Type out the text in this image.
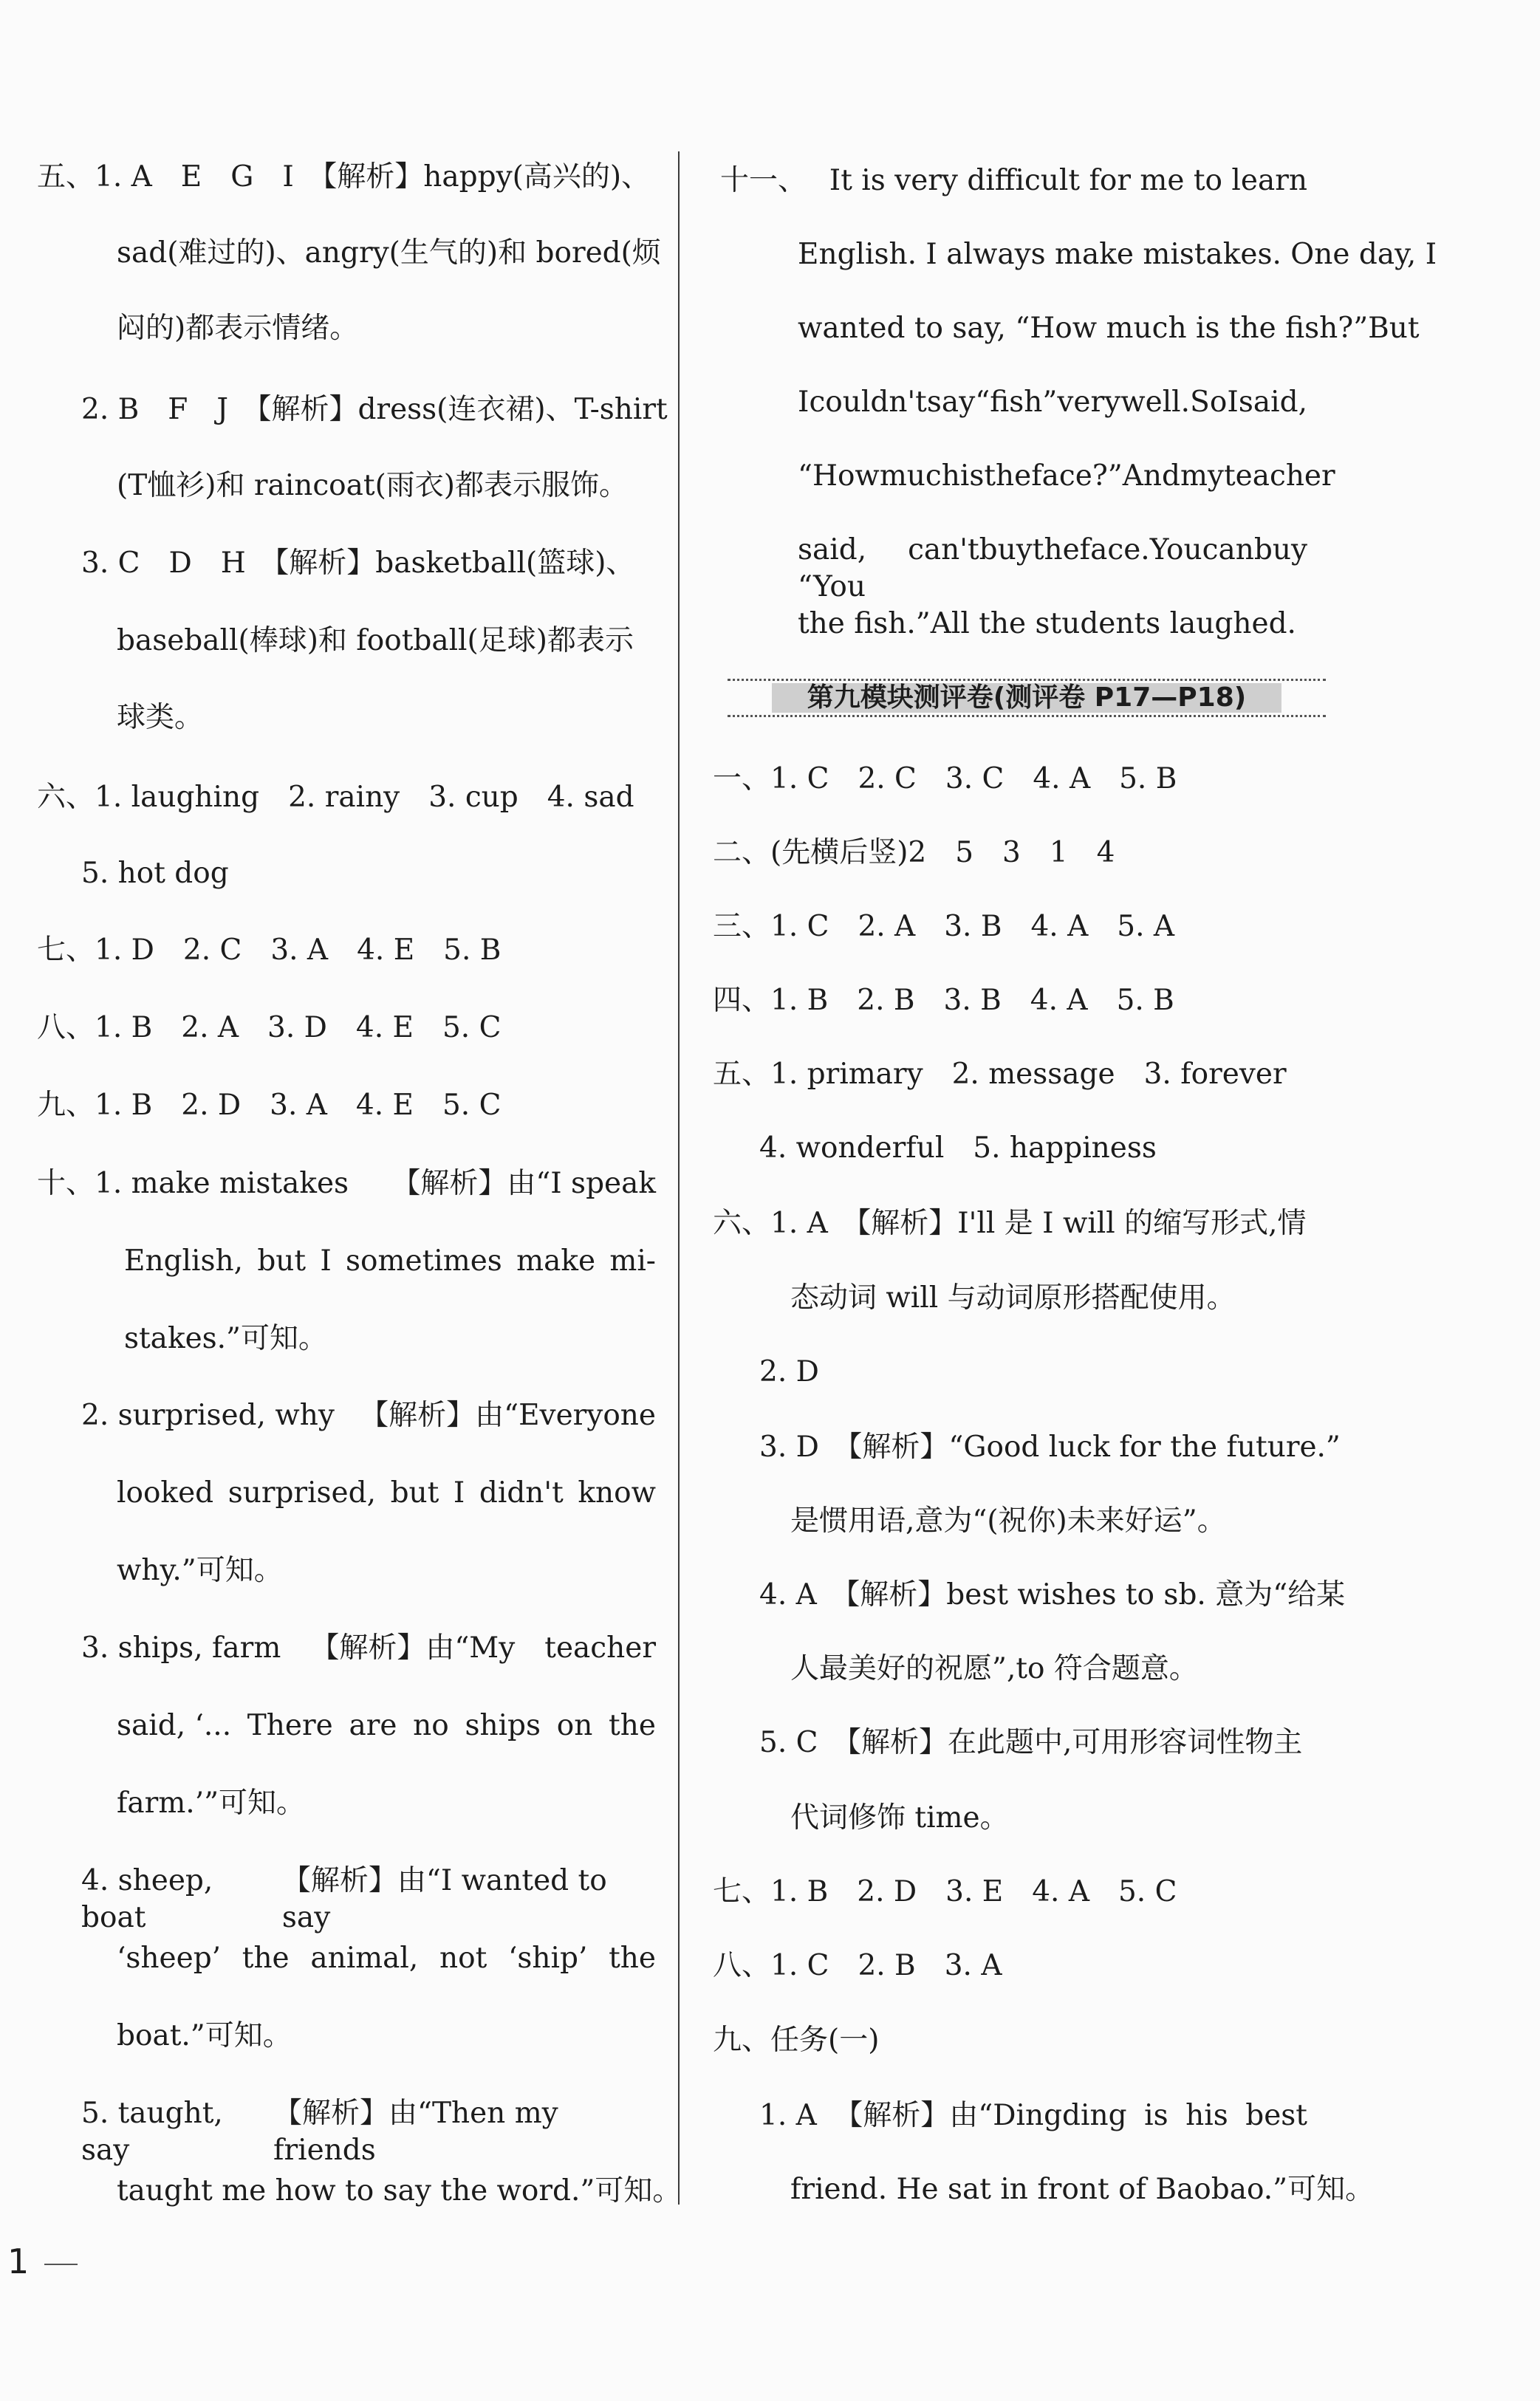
五、1. A　E　G　I　【解析】happy(高兴的)、
sad(难过的)、angry(生气的)和 bored(烦
闷的)都表示情绪。
2. B　F　J　【解析】dress(连衣裙)、T-shirt
(T恤衫)和 raincoat(雨衣)都表示服饰。
3. C　D　H　【解析】basketball(篮球)、
baseball(棒球)和 football(足球)都表示
球类。
六、1. laughing　2. rainy　3. cup　4. sad
5. hot dog
七、1. D　2. C　3. A　4. E　5. B
八、1. B　2. A　3. D　4. E　5. C
九、1. B　2. D　3. A　4. E　5. C
十、1. make mistakes 【解析】由“I speak
English, but I sometimes make mi-
stakes.”可知。
2. surprised, why 【解析】由“Everyone
looked surprised, but I didn't know
why.”可知。
3. ships, farm 【解析】由“My teacher
said, ‘... There are no ships on the
farm.’”可知。
4. sheep, boat
【解析】由“I wanted to say
‘sheep’ the animal, not ‘ship’ the
boat.”可知。
5. taught, say
【解析】由“Then my friends
taught me how to say the word.”可知。
十一、 It is very difficult for me to learn
English. I always make mistakes. One day, I
wanted to say, “How much is the fish?”But
I couldn't say “fish” very well. So I said,
“How much is the face?”And my teacher
said, “You
can't buy the face. You can buy
the fish.”All the students laughed.
一、1. C　2. C　3. C　4. A　5. B
二、(先横后竖)2　5　3　1　4
三、1. C　2. A　3. B　4. A　5. A
四、1. B　2. B　3. B　4. A　5. B
五、1. primary　2. message　3. forever
4. wonderful　5. happiness
六、1. A　【解析】I'll 是 I will 的缩写形式,情
态动词 will 与动词原形搭配使用。
2. D
3. D　【解析】“Good luck for the future.”
是惯用语,意为“(祝你)未来好运”。
4. A　【解析】best wishes to sb. 意为“给某
人最美好的祝愿”,to 符合题意。
5. C　【解析】在此题中,可用形容词性物主
代词修饰 time。
七、1. B　2. D　3. E　4. A　5. C
八、1. C　2. B　3. A
九、任务(一)
1. A 【解析】由“Dingding is his best
friend. He sat in front of Baobao.”可知。
第九模块测评卷(测评卷 P17—P18)
1
